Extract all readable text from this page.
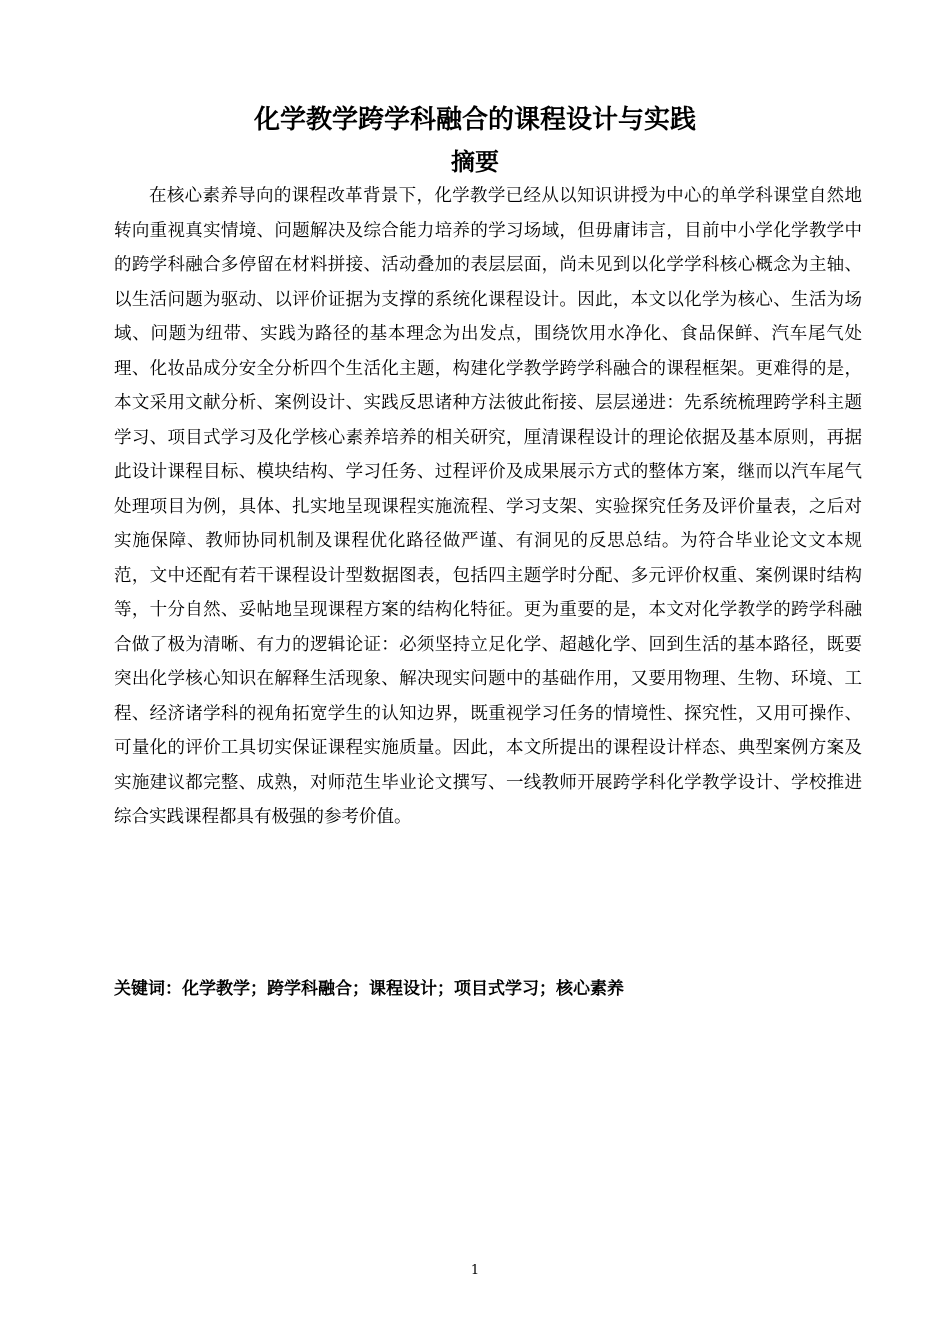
化学教学跨学科融合的课程设计与实践
摘要

在核心素养导向的课程改革背景下，化学教学已经从以知识讲授为中心的单学科课堂自然地转向重视真实情境、问题解决及综合能力培养的学习场域，但毋庸讳言，目前中小学化学教学中的跨学科融合多停留在材料拼接、活动叠加的表层层面，尚未见到以化学学科核心概念为主轴、以生活问题为驱动、以评价证据为支撑的系统化课程设计。因此，本文以化学为核心、生活为场域、问题为纽带、实践为路径的基本理念为出发点，围绕饮用水净化、食品保鲜、汽车尾气处理、化妆品成分安全分析四个生活化主题，构建化学教学跨学科融合的课程框架。更难得的是，本文采用文献分析、案例设计、实践反思诸种方法彼此衔接、层层递进：先系统梳理跨学科主题学习、项目式学习及化学核心素养培养的相关研究，厘清课程设计的理论依据及基本原则，再据此设计课程目标、模块结构、学习任务、过程评价及成果展示方式的整体方案，继而以汽车尾气处理项目为例，具体、扎实地呈现课程实施流程、学习支架、实验探究任务及评价量表，之后对实施保障、教师协同机制及课程优化路径做严谨、有洞见的反思总结。为符合毕业论文文本规范，文中还配有若干课程设计型数据图表，包括四主题学时分配、多元评价权重、案例课时结构等，十分自然、妥帖地呈现课程方案的结构化特征。更为重要的是，本文对化学教学的跨学科融合做了极为清晰、有力的逻辑论证：必须坚持立足化学、超越化学、回到生活的基本路径，既要突出化学核心知识在解释生活现象、解决现实问题中的基础作用，又要用物理、生物、环境、工程、经济诸学科的视角拓宽学生的认知边界，既重视学习任务的情境性、探究性，又用可操作、可量化的评价工具切实保证课程实施质量。因此，本文所提出的课程设计样态、典型案例方案及实施建议都完整、成熟，对师范生毕业论文撰写、一线教师开展跨学科化学教学设计、学校推进综合实践课程都具有极强的参考价值。

关键词：化学教学；跨学科融合；课程设计；项目式学习；核心素养

1
